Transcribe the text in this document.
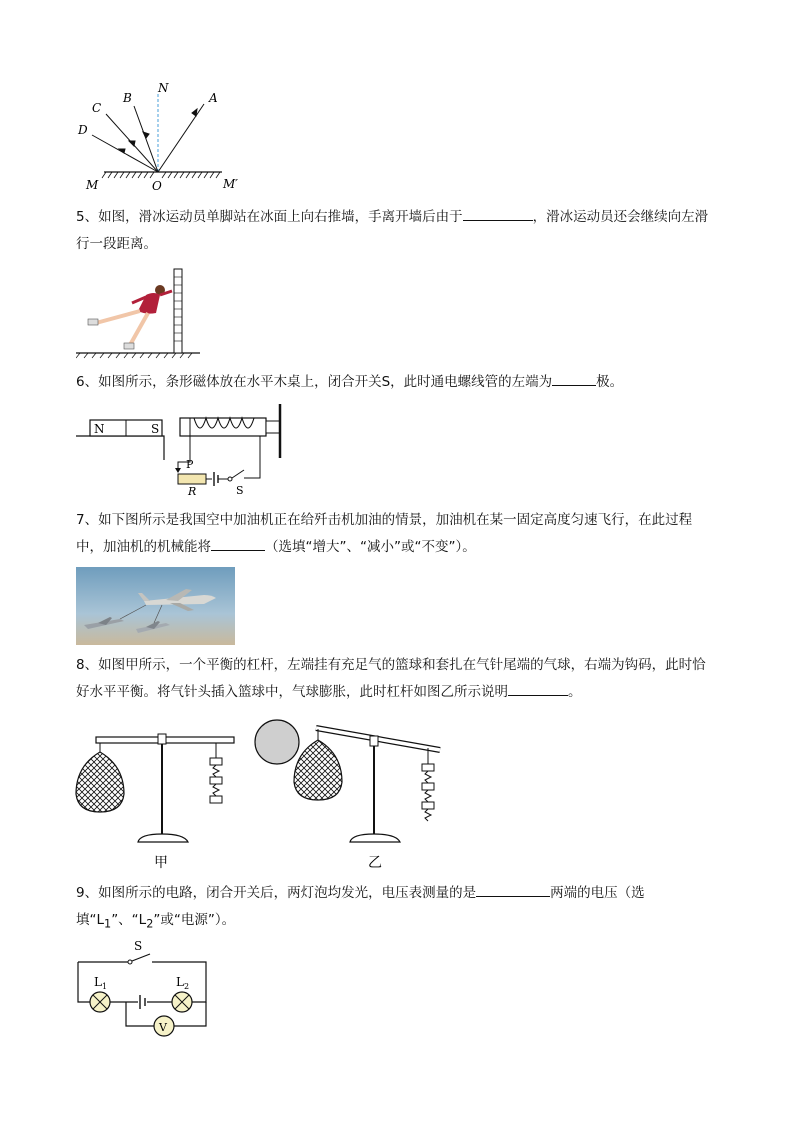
N
A
B
C
D
O
M	M′
5、如图，滑冰运动员单脚站在冰面上向右推墙，手离开墙后由于	，滑冰运动员还会继续向左滑行一段距离。
6、如图所示，条形磁体放在水平木桌上，闭合开关S，此时通电螺线管的左端为	极。
N	S
P
R	S
7、如下图所示是我国空中加油机正在给歼击机加油的情景，加油机在某一固定高度匀速飞行，在此过程中，加油机的机械能将	（选填“增大”、“减小”或“不变”）。
8、如图甲所示，一个平衡的杠杆，左端挂有充足气的篮球和套扎在气针尾端的气球，右端为钩码，此时恰好水平平衡。将气针头插入篮球中，气球膨胀，此时杠杆如图乙所示说明	。
甲	乙
9、如图所示的电路，闭合开关后，两灯泡均发光，电压表测量的是	两端的电压（选填“$L_1$”、“$L_2$”或“电源”）。
V
S
$L_1$	$L_2$
